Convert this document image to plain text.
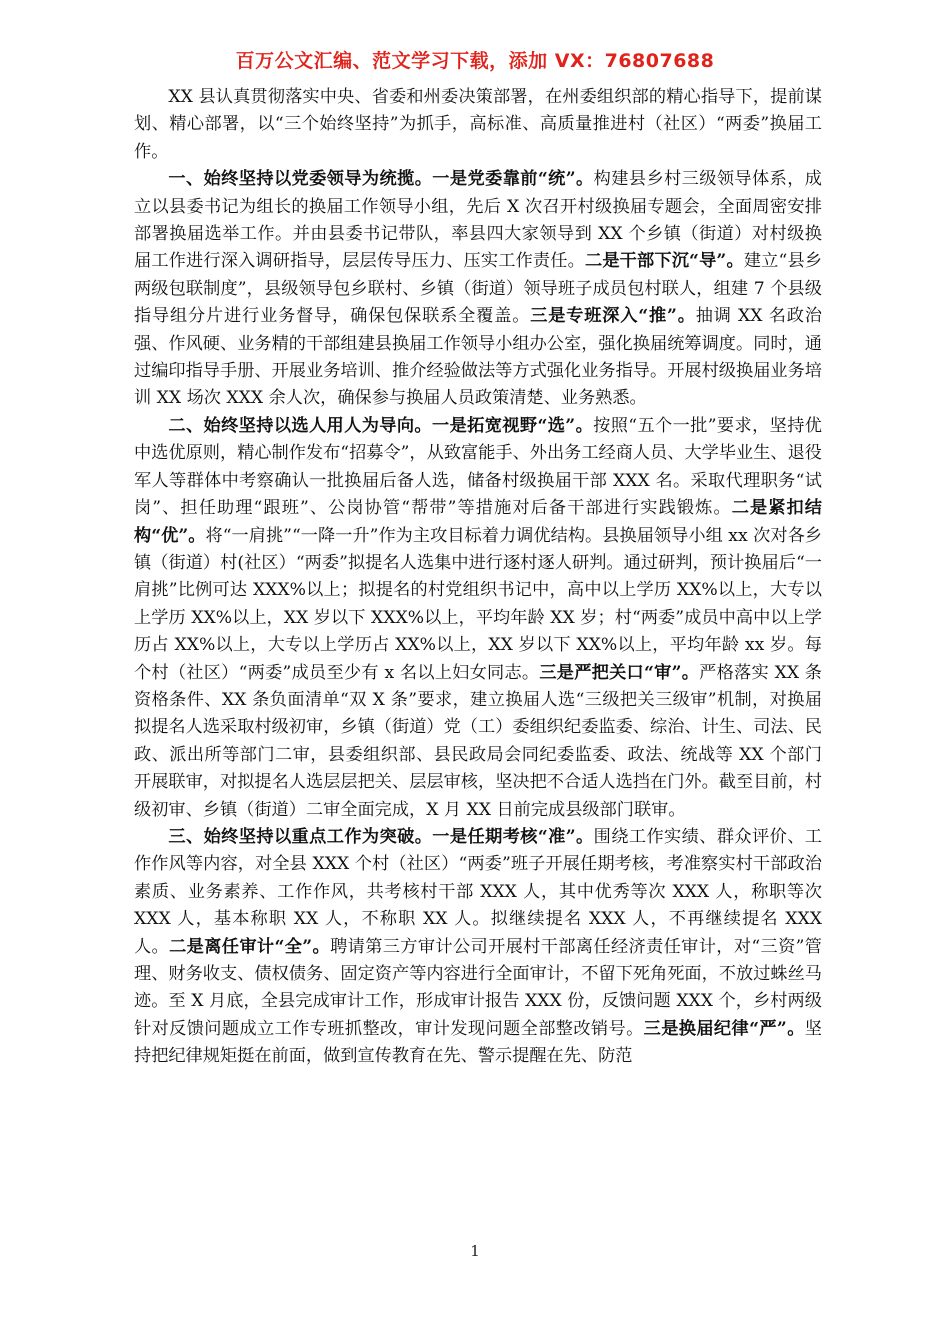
百万公文汇编、范文学习下载，添加 VX：76807688

XX 县认真贯彻落实中央、省委和州委决策部署，在州委组织部的精心指导下，提前谋划、精心部署，以“三个始终坚持”为抓手，高标准、高质量推进村（社区）“两委”换届工作。

一、始终坚持以党委领导为统揽。一是党委靠前“统”。构建县乡村三级领导体系，成立以县委书记为组长的换届工作领导小组，先后 X 次召开村级换届专题会，全面周密安排部署换届选举工作。并由县委书记带队，率县四大家领导到 XX 个乡镇（街道）对村级换届工作进行深入调研指导，层层传导压力、压实工作责任。二是干部下沉“导”。建立“县乡两级包联制度”，县级领导包乡联村、乡镇（街道）领导班子成员包村联人，组建 7 个县级指导组分片进行业务督导，确保包保联系全覆盖。三是专班深入“推”。抽调 XX 名政治强、作风硬、业务精的干部组建县换届工作领导小组办公室，强化换届统筹调度。同时，通过编印指导手册、开展业务培训、推介经验做法等方式强化业务指导。开展村级换届业务培训 XX 场次 XXX 余人次，确保参与换届人员政策清楚、业务熟悉。

二、始终坚持以选人用人为导向。一是拓宽视野“选”。按照“五个一批”要求，坚持优中选优原则，精心制作发布“招募令”，从致富能手、外出务工经商人员、大学毕业生、退役军人等群体中考察确认一批换届后备人选，储备村级换届干部 XXX 名。采取代理职务“试岗”、担任助理“跟班”、公岗协管“帮带”等措施对后备干部进行实践锻炼。二是紧扣结构“优”。将“一肩挑”“一降一升”作为主攻目标着力调优结构。县换届领导小组 xx 次对各乡镇（街道）村(社区）“两委”拟提名人选集中进行逐村逐人研判。通过研判，预计换届后“一肩挑”比例可达 XXX%以上；拟提名的村党组织书记中，高中以上学历 XX%以上，大专以上学历 XX%以上，XX 岁以下 XXX%以上，平均年龄 XX 岁；村“两委”成员中高中以上学历占 XX%以上，大专以上学历占 XX%以上，XX 岁以下 XX%以上，平均年龄 xx 岁。每个村（社区）“两委”成员至少有 x 名以上妇女同志。三是严把关口“审”。严格落实 XX 条资格条件、XX 条负面清单“双 X 条”要求，建立换届人选“三级把关三级审”机制，对换届拟提名人选采取村级初审，乡镇（街道）党（工）委组织纪委监委、综治、计生、司法、民政、派出所等部门二审，县委组织部、县民政局会同纪委监委、政法、统战等 XX 个部门开展联审，对拟提名人选层层把关、层层审核，坚决把不合适人选挡在门外。截至目前，村级初审、乡镇（街道）二审全面完成，X 月 XX 日前完成县级部门联审。

三、始终坚持以重点工作为突破。一是任期考核“准”。围绕工作实绩、群众评价、工作作风等内容，对全县 XXX 个村（社区）“两委”班子开展任期考核，考准察实村干部政治素质、业务素养、工作作风，共考核村干部 XXX 人，其中优秀等次 XXX 人，称职等次 XXX 人，基本称职 XX 人，不称职 XX 人。拟继续提名 XXX 人，不再继续提名 XXX 人。二是离任审计“全”。聘请第三方审计公司开展村干部离任经济责任审计，对“三资”管理、财务收支、债权债务、固定资产等内容进行全面审计，不留下死角死面，不放过蛛丝马迹。至 X 月底，全县完成审计工作，形成审计报告 XXX 份，反馈问题 XXX 个，乡村两级针对反馈问题成立工作专班抓整改，审计发现问题全部整改销号。三是换届纪律“严”。坚持把纪律规矩挺在前面，做到宣传教育在先、警示提醒在先、防范

1
